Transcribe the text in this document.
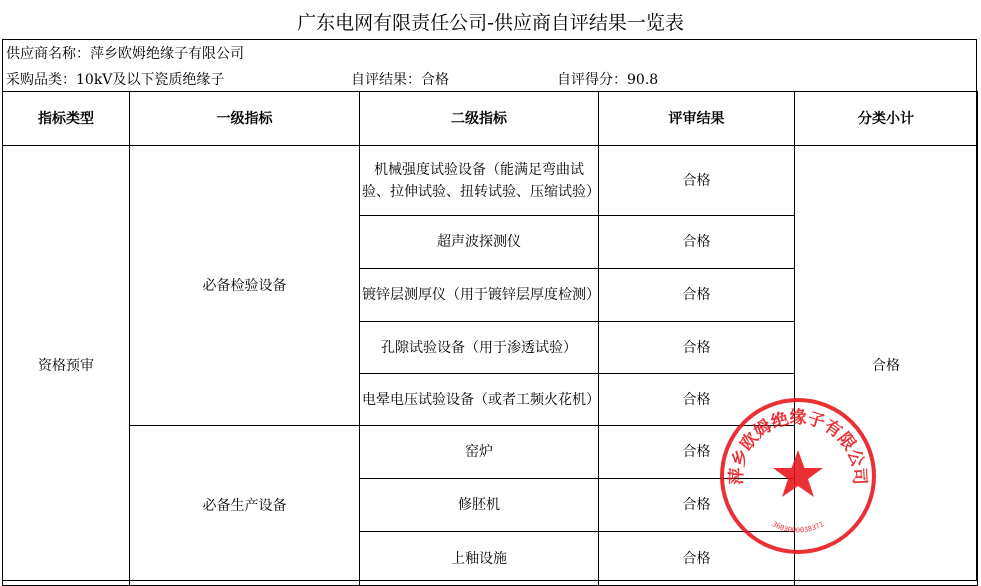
广东电网有限责任公司-供应商自评结果一览表
供应商名称：萍乡欧姆绝缘子有限公司
采购品类：10kV及以下瓷质绝缘子	自评结果：合格	自评得分：90.8
指标类型	一级指标	二级指标	评审结果	分类小计
资格预审	必备检验设备	机械强度试验设备（能满足弯曲试验、拉伸试验、扭转试验、压缩试验）	合格	合格
		超声波探测仪	合格	
		镀锌层测厚仪（用于镀锌层厚度检测）	合格	
		孔隙试验设备（用于渗透试验）	合格	
		电晕电压试验设备（或者工频火花机）	合格	
	必备生产设备	窑炉	合格	
		修胚机	合格	
		上釉设施	合格	
萍乡欧姆绝缘子有限公司
3603000038371
